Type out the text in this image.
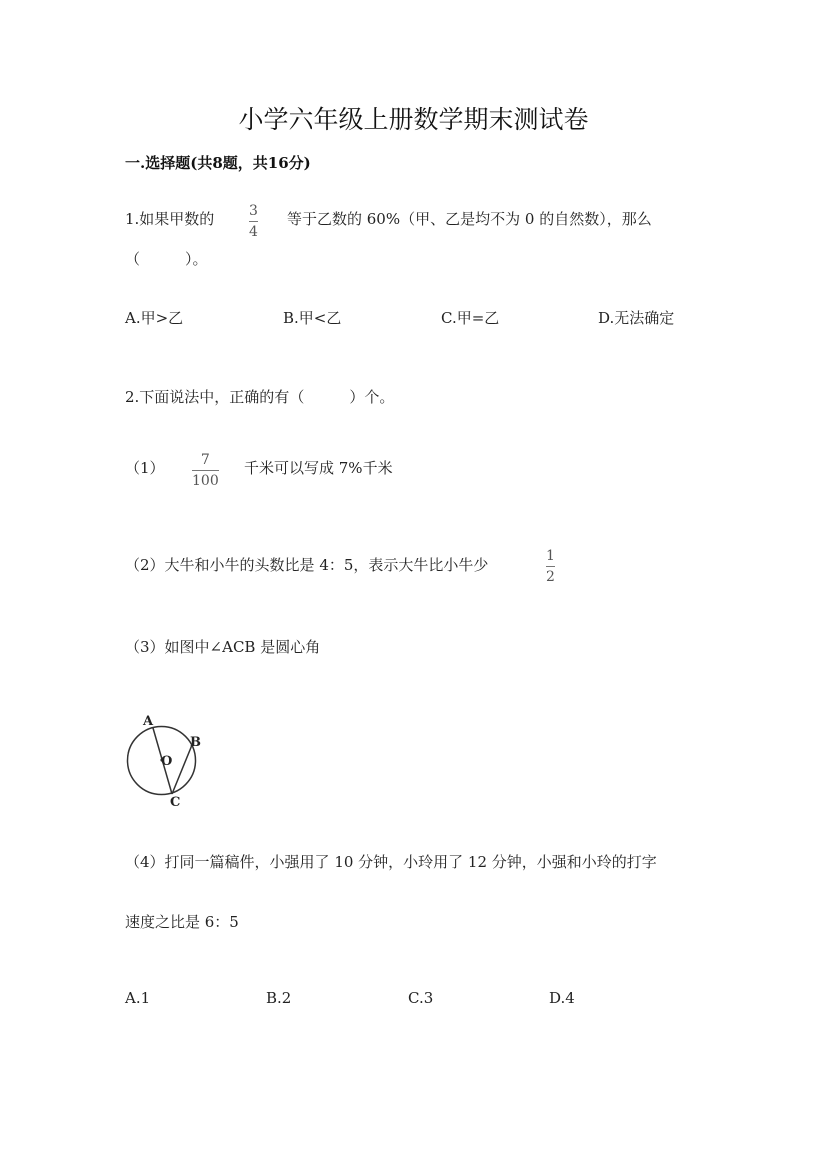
小学六年级上册数学期末测试卷
一.选择题(共8题，共16分)
1.如果甲数的 3
4
等于乙数的 60%（甲、乙是均不为 0 的自然数），那么
（　　　）。
A.甲>乙	B.甲<乙	C.甲=乙	D.无法确定
2.下面说法中，正确的有（　　　）个。
（1）	7
100
千米可以写成 7%千米
（2）大牛和小牛的头数比是 4：5，表示大牛比小牛少	1
2
（3）如图中∠ACB 是圆心角
A
B
O
C
（4）打同一篇稿件，小强用了 10 分钟，小玲用了 12 分钟，小强和小玲的打字
速度之比是 6：5
A.1	B.2	C.3	D.4
